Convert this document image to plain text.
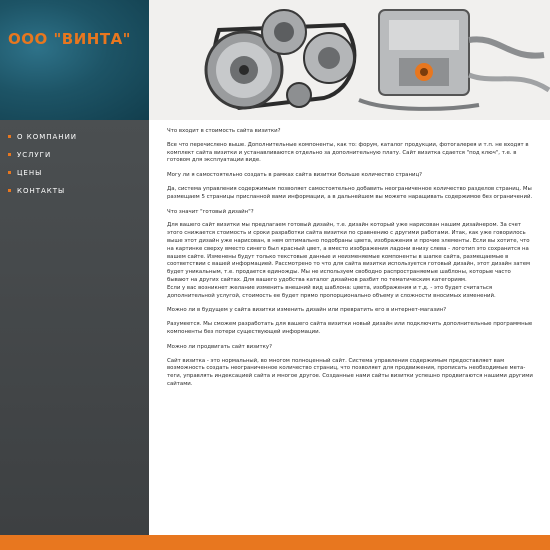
ООО "ВИНТА"
О КОМПАНИИ
УСЛУГИ
ЦЕНЫ
КОНТАКТЫ

Что входит в стоимость сайта визитки?

Все что перечислено выше. Дополнительные компоненты, как то: форум, каталог продукции, фотогалерея и т.п. не входят в комплект сайта визитки и устанавливаются отдельно за дополнительную плату. Сайт визитка сдается "под ключ", т.е. в готовом для эксплуатации виде.

Могу ли я самостоятельно создать в рамках сайта визитки больше количество страниц?

Да, система управления содержимым позволяет самостоятельно добавить неограниченное количество разделов страниц. Мы размещаем 5 страницы присланной вами информации, а в дальнейшем вы можете наращивать содержимое без ограничений.

Что значит "готовый дизайн"?

Для вашего сайт визитки мы предлагаем готовый дизайн, т.е. дизайн который уже нарисован нашим дизайнером. За счет этого снижается стоимость и сроки разработки сайта визитки по сравнению с другими работами. Итак, как уже говорилось выше этот дизайн уже нарисован, в нем оптимально подобраны цвета, изображения и прочие элементы. Если вы хотите, что на картинке сверху вместо синего был красный цвет, а вместо изображения ладони внизу слева - логотип это сохранится на вашем сайте. Изменены будут только текстовые данные и неизменяемые компоненты в шапке сайта, размещаемые в соответствии с вашей информацией. Рассмотрено то что для сайта визитки используется готовый дизайн, этот дизайн затем будет уникальным, т.е. продается единожды. Мы не используем свободно распространяемые шаблоны, которые часто бывают на других сайтах. Для вашего удобства каталог дизайнов разбит по тематическим категориям.

Если у вас возникнет желание изменить внешний вид шаблона: цвета, изображения и т.д. - это будет считаться дополнительной услугой, стоимость ее будет прямо пропорционально объему и сложности вносимых изменений.

Можно ли в будущем у сайта визитки изменить дизайн или превратить его в интернет-магазин?

Разумеется. Мы сможем разработать для вашего сайта визитки новый дизайн или подключить дополнительные программные компоненты без потери существующей информации.

Можно ли продвигать сайт визитку?

Сайт визитка - это нормальный, во многом полноценный сайт. Система управления содержимым предоставляет вам возможность создать неограниченное количество страниц, что позволяет для продвижения, прописать необходимые мета-теги, управлять индексацией сайта и многое другое. Созданные нами сайты визитки успешно продвигаются нашими другими сайтами.
